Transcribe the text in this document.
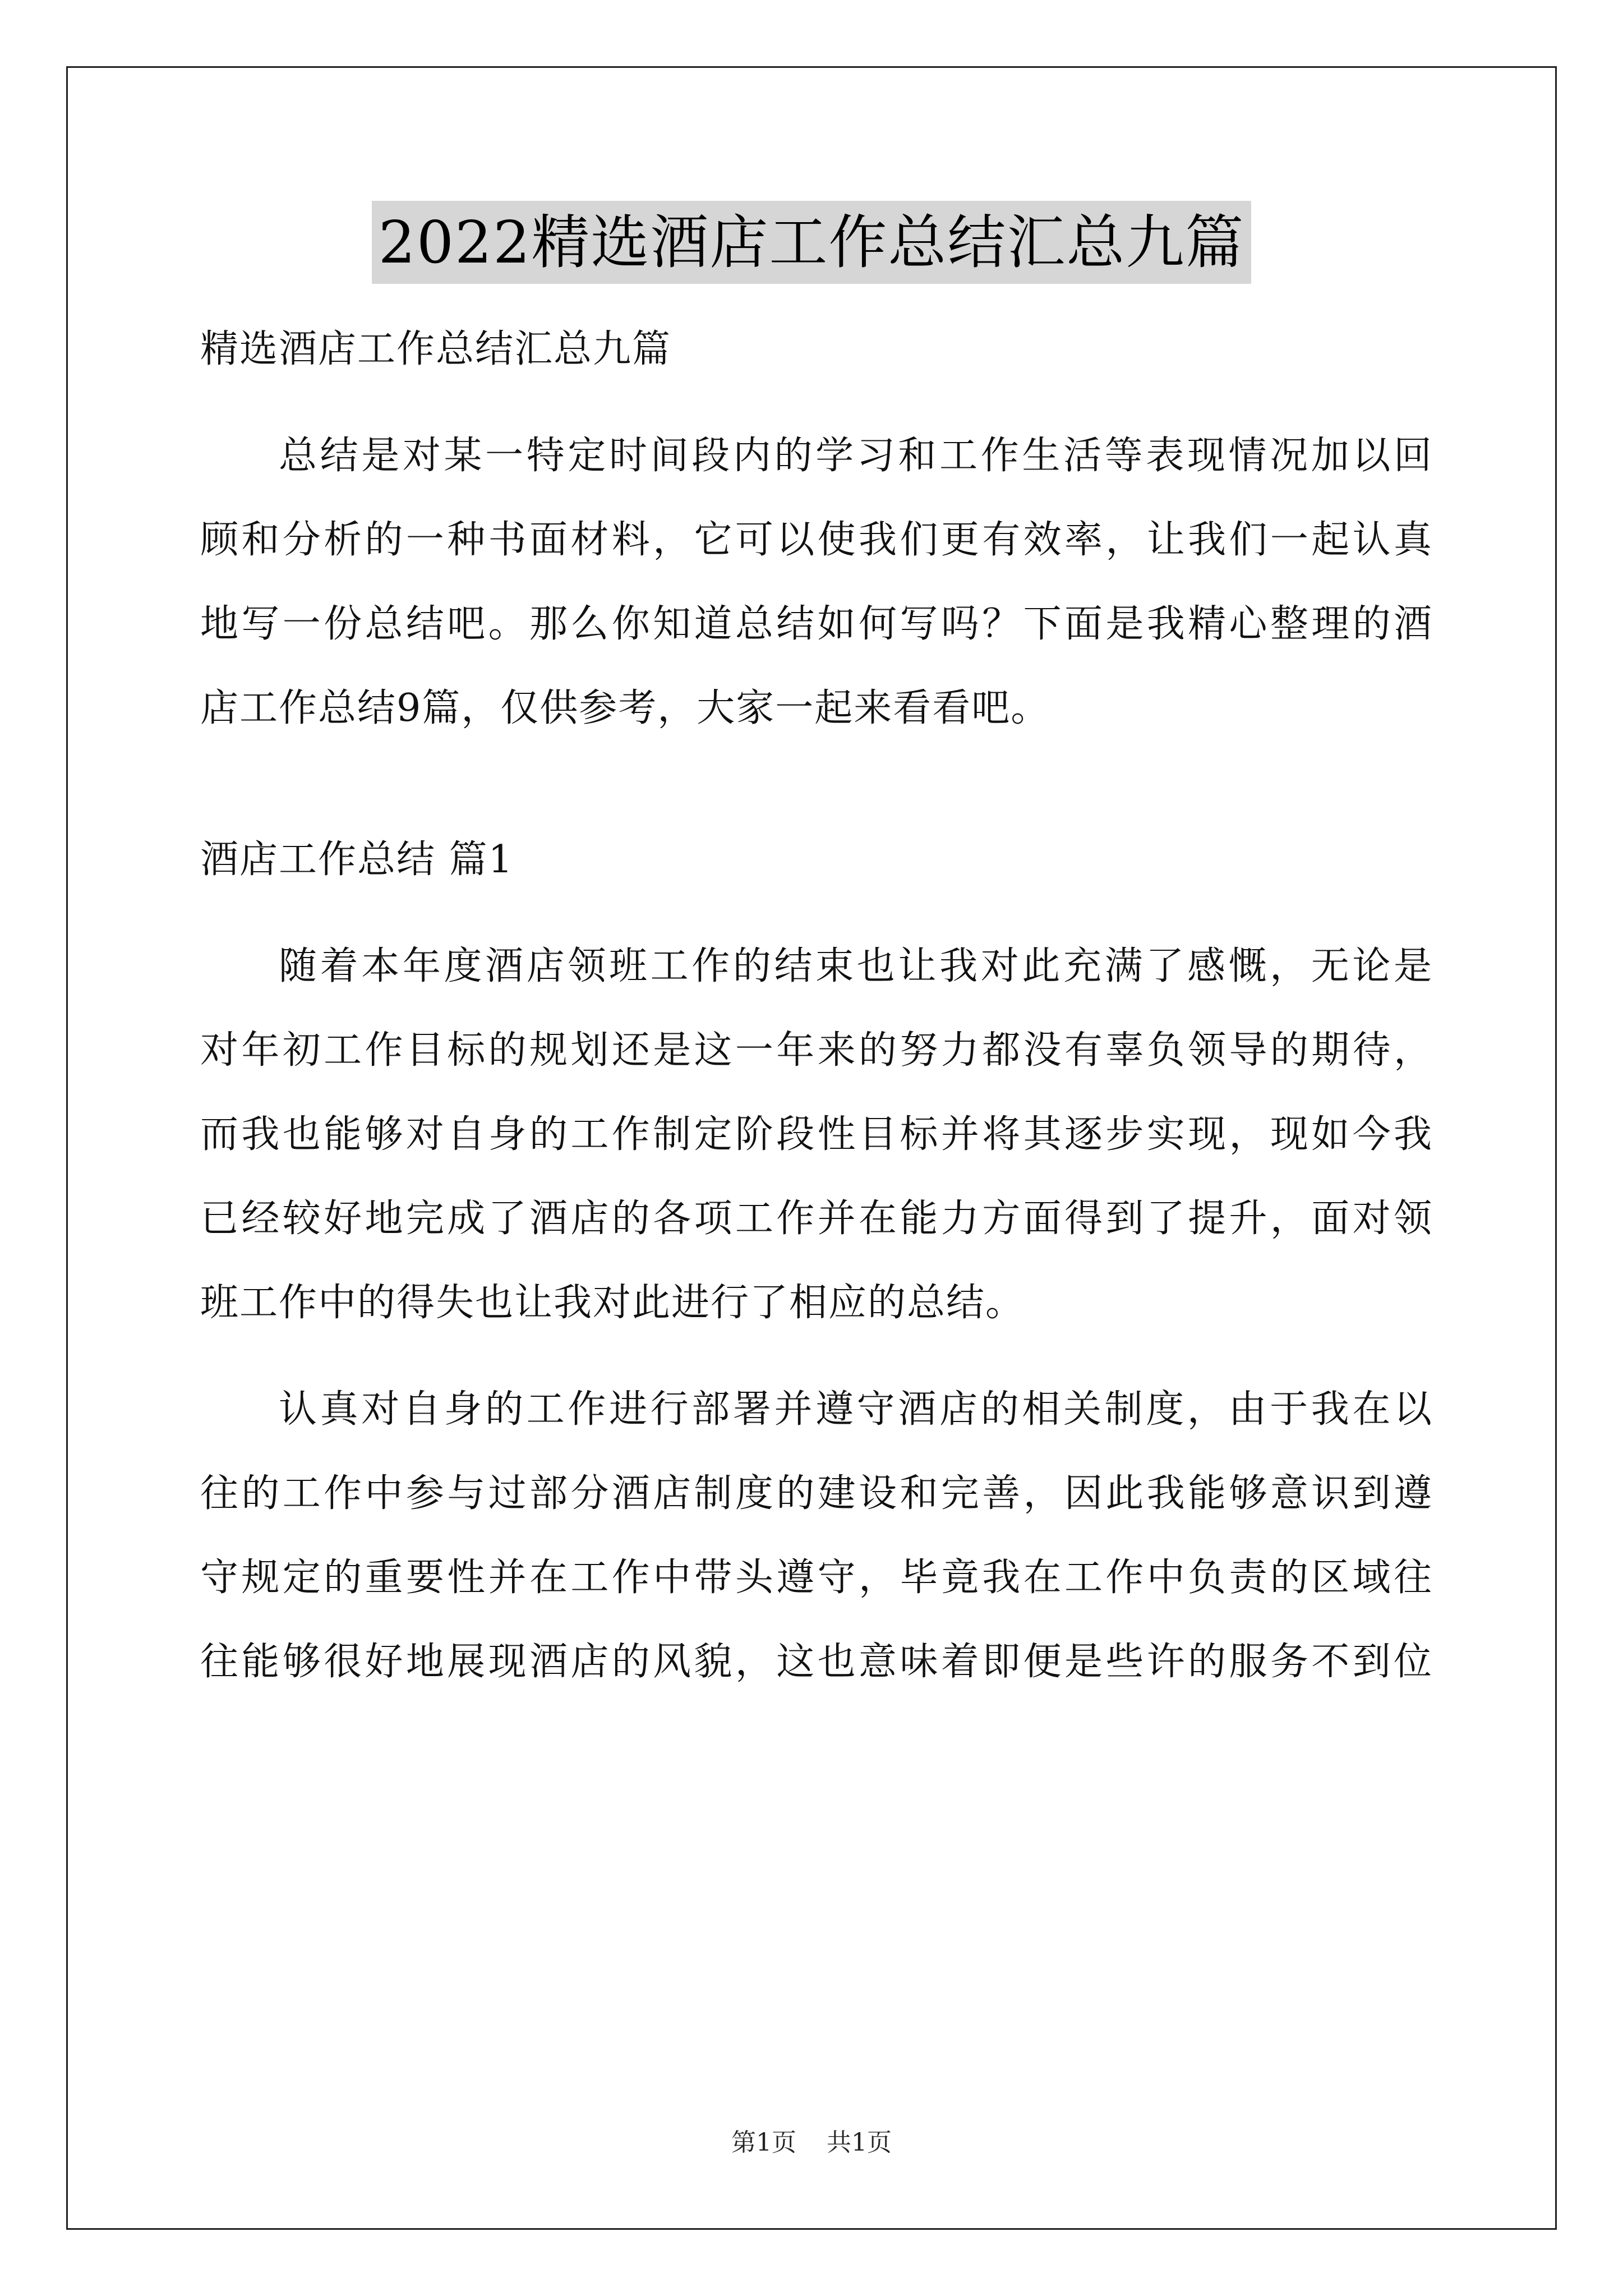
2022精选酒店工作总结汇总九篇
精选酒店工作总结汇总九篇
总结是对某一特定时间段内的学习和工作生活等表现情况加以回
顾和分析的一种书面材料，它可以使我们更有效率，让我们一起认真
地写一份总结吧。那么你知道总结如何写吗？下面是我精心整理的酒
店工作总结9篇，仅供参考，大家一起来看看吧。
酒店工作总结 篇1
随着本年度酒店领班工作的结束也让我对此充满了感慨，无论是
对年初工作目标的规划还是这一年来的努力都没有辜负领导的期待，
而我也能够对自身的工作制定阶段性目标并将其逐步实现，现如今我
已经较好地完成了酒店的各项工作并在能力方面得到了提升，面对领
班工作中的得失也让我对此进行了相应的总结。
认真对自身的工作进行部署并遵守酒店的相关制度，由于我在以
往的工作中参与过部分酒店制度的建设和完善，因此我能够意识到遵
守规定的重要性并在工作中带头遵守，毕竟我在工作中负责的区域往
往能够很好地展现酒店的风貌，这也意味着即便是些许的服务不到位
第1页 共1页
